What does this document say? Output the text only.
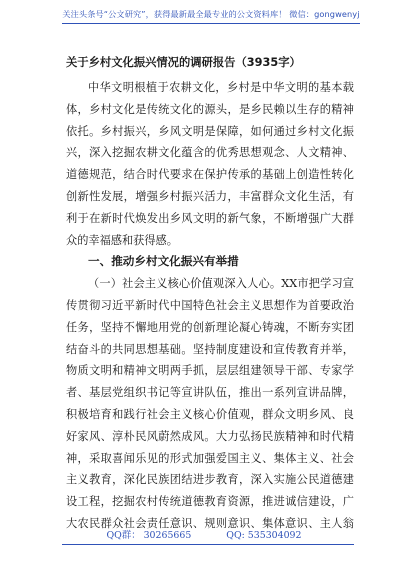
关注头条号“公文研究”，获得最新最全最专业的公文资料库！ 微信：gongwenyj
关于乡村文化振兴情况的调研报告（3935字）
中华文明根植于农耕文化，乡村是中华文明的基本载
体，乡村文化是传统文化的源头，是乡民赖以生存的精神
依托。乡村振兴，乡风文明是保障，如何通过乡村文化振
兴，深入挖掘农耕文化蕴含的优秀思想观念、人文精神、
道德规范，结合时代要求在保护传承的基础上创造性转化
创新性发展，增强乡村振兴活力，丰富群众文化生活，有
利于在新时代焕发出乡风文明的新气象，不断增强广大群
众的幸福感和获得感。
一、推动乡村文化振兴有举措
（一）社会主义核心价值观深入人心。XX市把学习宣
传贯彻习近平新时代中国特色社会主义思想作为首要政治
任务，坚持不懈地用党的创新理论凝心铸魂，不断夯实团
结奋斗的共同思想基础。坚持制度建设和宣传教育并举，
物质文明和精神文明两手抓，层层组建领导干部、专家学
者、基层党组织书记等宣讲队伍，推出一系列宣讲品牌，
积极培育和践行社会主义核心价值观，群众文明乡风、良
好家风、淳朴民风蔚然成风。大力弘扬民族精神和时代精
神，采取喜闻乐见的形式加强爱国主义、集体主义、社会
主义教育，深化民族团结进步教育，深入实施公民道德建
设工程，挖掘农村传统道德教育资源，推进诚信建设，广
大农民群众社会责任意识、规则意识、集体意识、主人翁
QQ群： 30265665	QQ: 535304092
